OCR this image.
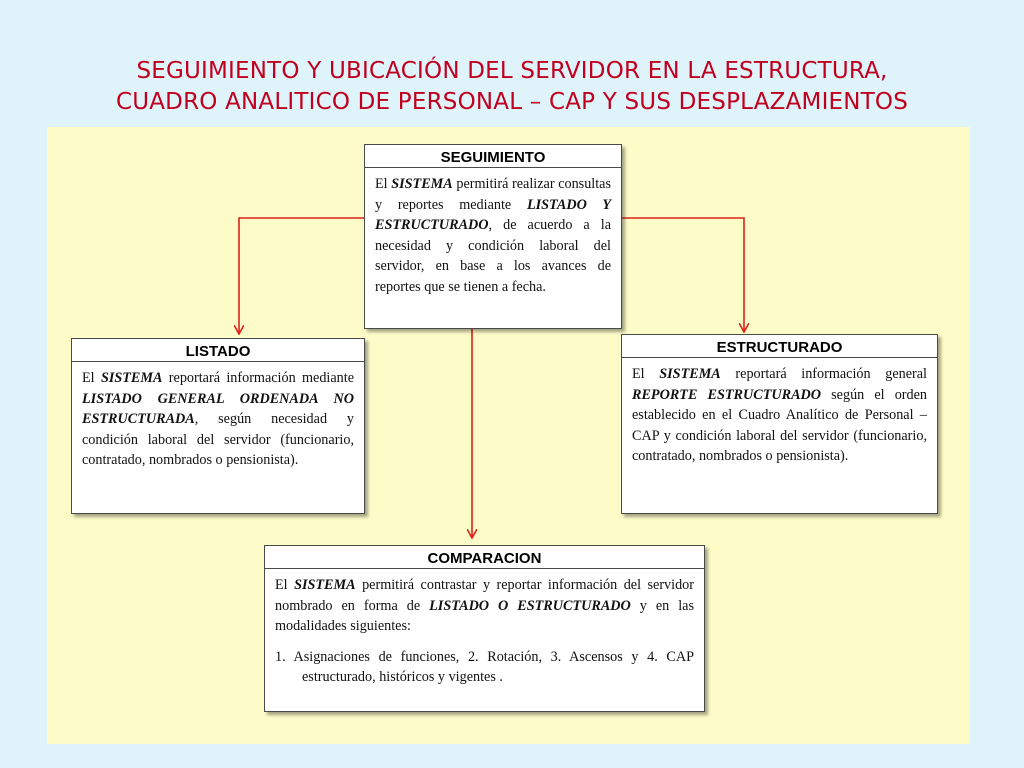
SEGUIMIENTO Y UBICACIÓN DEL SERVIDOR EN LA ESTRUCTURA,
CUADRO ANALITICO DE PERSONAL – CAP Y SUS DESPLAZAMIENTOS
SEGUIMIENTO

El SISTEMA permitirá realizar consultas y reportes mediante LISTADO Y ESTRUCTURADO, de acuerdo a la necesidad y condición laboral del servidor, en base a los avances de reportes que se tienen a fecha.

LISTADO

El SISTEMA reportará información mediante LISTADO GENERAL ORDENADA NO ESTRUCTURADA, según necesidad y condición laboral del servidor (funcionario, contratado, nombrados o pensionista).

ESTRUCTURADO

El SISTEMA reportará información general REPORTE ESTRUCTURADO según el orden establecido en el Cuadro Analítico de Personal – CAP y condición laboral del servidor (funcionario, contratado, nombrados o pensionista).

COMPARACION

El SISTEMA permitirá contrastar y reportar información del servidor nombrado en forma de LISTADO O ESTRUCTURADO y en las modalidades siguientes:

1. Asignaciones de funciones, 2. Rotación, 3. Ascensos y 4. CAP estructurado, históricos y vigentes .
